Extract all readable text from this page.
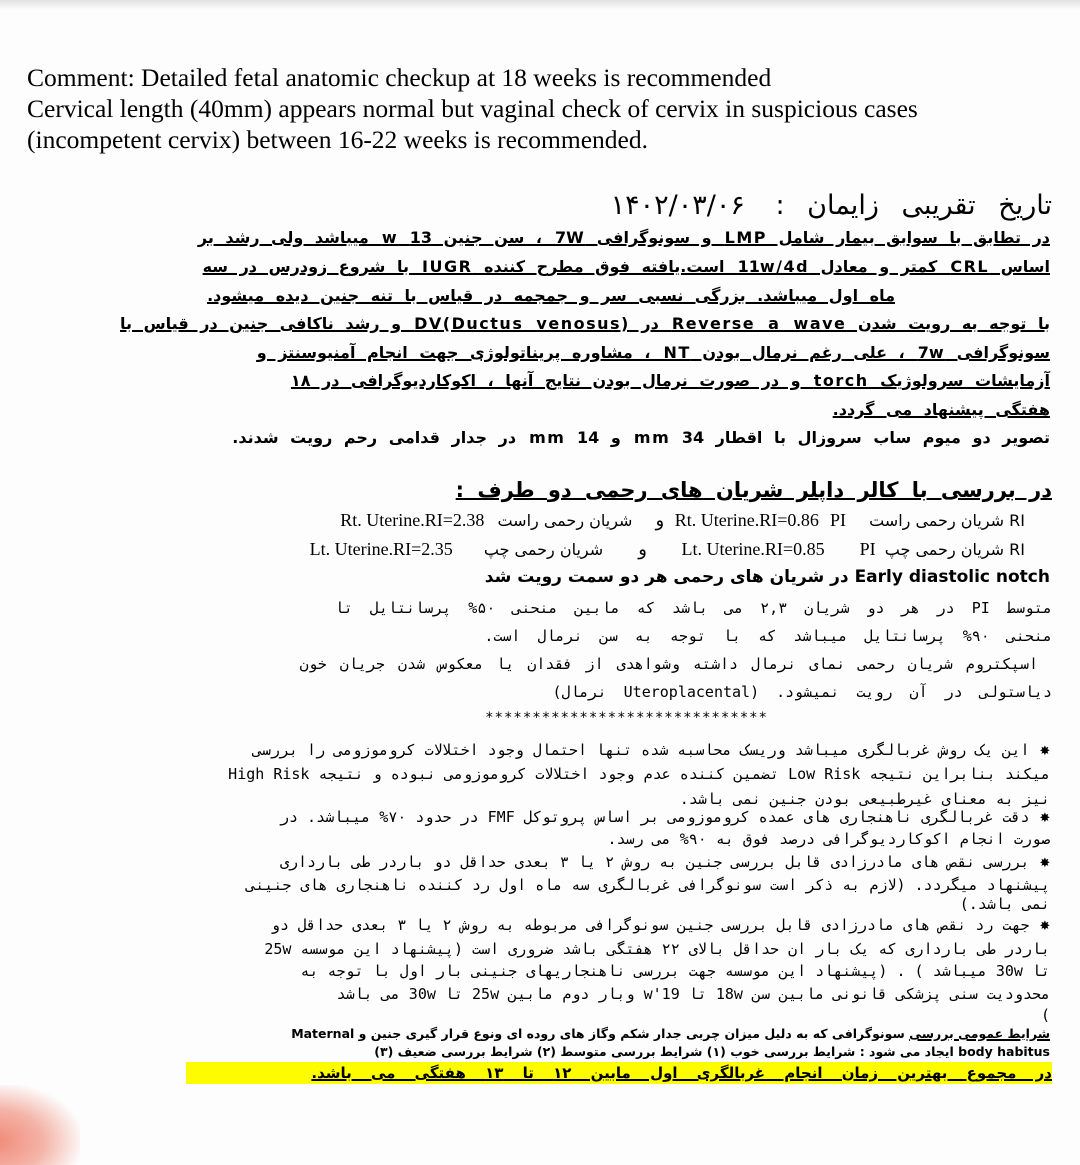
Comment: Detailed fetal anatomic checkup at 18 weeks is recommended
Cervical length (40mm) appears normal but vaginal check of cervix in suspicious cases
(incompetent cervix) between 16-22 weeks is recommended.
تاریخ تقریبی زایمان : ۱۴۰۲/۰۳/۰۶
در تطابق با سوابق بیمار شامل LMP و سونوگرافی 7W ، سن جنین 13 w میباشد ولی رشد بر
اساس CRL کمتر و معادل 11w/4d است.یافته فوق مطرح کننده IUGR با شروع زودرس در سه
ماه اول میباشد. بزرگی نسبی سر و جمجمه در قیاس با تنه جنین دیده میشود.
با توجه به رویت شدن Reverse a wave در DV(Ductus venosus) و رشد ناکافی جنین در قیاس با
سونوگرافی 7w ، علی رغم نرمال بودن NT ، مشاوره پریناتولوژی جهت انجام آمنیوسنتز و
آزمایشات سرولوژیک torch و در صورت نرمال بودن نتایج آنها ، اکوکاردیوگرافی در ۱۸
هفتگی پیشنهاد می گردد.
تصویر دو میوم ساب سروزال با اقطار 34 mm و 14 mm در جدار قدامی رحم رویت شدند.
در بررسی با کالر داپلر شریان های رحمی دو طرف :
RI شریان رحمی راست Rt. Uterine.RI=0.86 PI و شریان رحمی راست Rt. Uterine.RI=2.38
RI شریان رحمی چپ Lt. Uterine.RI=0.85 PI و شریان رحمی چپ Lt. Uterine.RI=2.35
Early diastolic notch در شریان های رحمی هر دو سمت رویت شد
متوسط PI در هر دو شریان ۲,۳ می باشد که مابین منحنی ۵۰% پرسانتایل تا
منحنی ۹۰% پرسانتایل میباشد که با توجه به سن نرمال است.
اسپکتروم شریان رحمی نمای نرمال داشته وشواهدی از فقدان یا معکوس شدن جریان خون
دیاستولی در آن رویت نمیشود. (Uteroplacental نرمال)
******************************
✸ این یک روش غربالگری میباشد وریسک محاسبه شده تنها احتمال وجود اختلالات کروموزومی را بررسی
میکند بنابراین نتیجه Low Risk تضمین کننده عدم وجود اختلالات کروموزومی نبوده و نتیجه High Risk
نیز به معنای غیرطبیعی بودن جنین نمی باشد.
✸ دقت غربالگری ناهنجاری های عمده کروموزومی بر اساس پروتوکل FMF در حدود ۷۰% میباشد. در
صورت انجام اکوکاردیوگرافی درصد فوق به ۹۰% می رسد.
✸ بررسی نقص های مادرزادی قابل بررسی جنین به روش ۲ یا ۳ بعدی حداقل دو باردر طی بارداری
پیشنهاد میگردد. (لازم به ذکر است سونوگرافی غربالگری سه ماه اول رد کننده ناهنجاری های جنینی
نمی باشد.)
✸ جهت رد نقص های مادرزادی قابل بررسی جنین سونوگرافی مربوطه به روش ۲ یا ۳ بعدی حداقل دو
باردر طی بارداری که یک بار ان حداقل بالای ۲۲ هفتگی باشد ضروری است (پیشنهاد این موسسه 25w
تا 30w میباشد ) . (پیشنهاد این موسسه جهت بررسی ناهنجاریهای جنینی بار اول با توجه به
محدودیت سنی پزشکی قانونی مابین سن 18w تا 19'w وبار دوم مابین 25w تا 30w می باشد
)
شرایط عمومی بررسی سونوگرافی که به دلیل میزان چربی جدار شکم وگاز های روده ای ونوع قرار گیری جنین و Maternal
body habitus ایجاد می شود : شرایط بررسی خوب (۱) شرایط بررسی متوسط (۲) شرایط بررسی ضعیف (۳)
در مجموع بهترین زمان انجام غربالگری اول مابین ۱۲ تا ۱۳ هفتگی می باشد.
